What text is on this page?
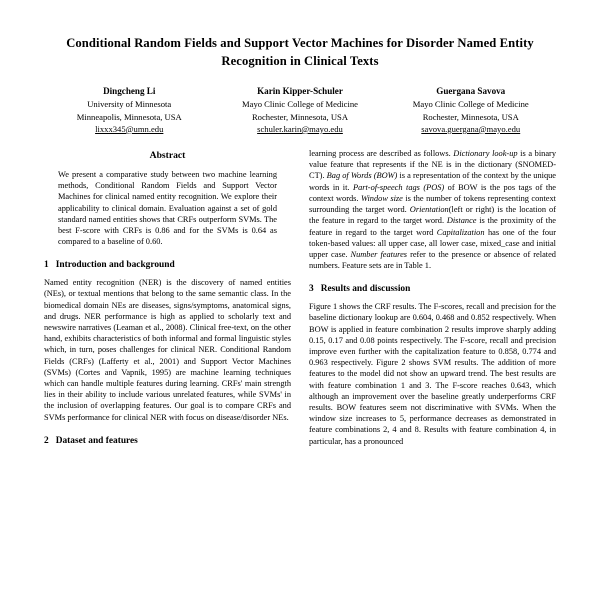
Conditional Random Fields and Support Vector Machines for Disorder Named Entity Recognition in Clinical Texts
Dingcheng Li
University of Minnesota
Minneapolis, Minnesota, USA
lixxx345@umn.edu
Karin Kipper-Schuler
Mayo Clinic College of Medicine
Rochester, Minnesota, USA
schuler.karin@mayo.edu
Guergana Savova
Mayo Clinic College of Medicine
Rochester, Minnesota, USA
savova.guergana@mayo.edu
Abstract
We present a comparative study between two machine learning methods, Conditional Random Fields and Support Vector Machines for clinical named entity recognition. We explore their applicability to clinical domain. Evaluation against a set of gold standard named entities shows that CRFs outperform SVMs. The best F-score with CRFs is 0.86 and for the SVMs is 0.64 as compared to a baseline of 0.60.
1 Introduction and background

Named entity recognition (NER) is the discovery of named entities (NEs), or textual mentions that belong to the same semantic class. In the biomedical domain NEs are diseases, signs/symptoms, anatomical signs, and drugs. NER performance is high as applied to scholarly text and newswire narratives (Leaman et al., 2008). Clinical free-text, on the other hand, exhibits characteristics of both informal and formal linguistic styles which, in turn, poses challenges for clinical NER. Conditional Random Fields (CRFs) (Lafferty et al., 2001) and Support Vector Machines (SVMs) (Cortes and Vapnik, 1995) are machine learning techniques which can handle multiple features during learning. CRFs' main strength lies in their ability to include various unrelated features, while SVMs' in the inclusion of overlapping features. Our goal is to compare CRFs and SVMs performance for clinical NER with focus on disease/disorder NEs.

2 Dataset and features

learning process are described as follows. Dictionary look-up is a binary value feature that represents if the NE is in the dictionary (SNOMED-CT). Bag of Words (BOW) is a representation of the context by the unique words in it. Part-of-speech tags (POS) of BOW is the pos tags of the context words. Window size is the number of tokens representing context surrounding the target word. Orientation(left or right) is the location of the feature in regard to the target word. Distance is the proximity of the feature in regard to the target word Capitalization has one of the four token-based values: all upper case, all lower case, mixed_case and initial upper case. Number features refer to the presence or absence of related numbers. Feature sets are in Table 1.

3 Results and discussion

Figure 1 shows the CRF results. The F-scores, recall and precision for the baseline dictionary lookup are 0.604, 0.468 and 0.852 respectively. When BOW is applied in feature combination 2 results improve sharply adding 0.15, 0.17 and 0.08 points respectively. The F-score, recall and precision improve even further with the capitalization feature to 0.858, 0.774 and 0.963 respectively. Figure 2 shows SVM results. The addition of more features to the model did not show an upward trend. The best results are with feature combination 1 and 3. The F-score reaches 0.643, which although an improvement over the baseline greatly underperforms CRF results. BOW features seem not discriminative with SVMs. When the window size increases to 5, performance decreases as demonstrated in feature combinations 2, 4 and 8. Results with feature combination 4, in particular, has a pronounced
